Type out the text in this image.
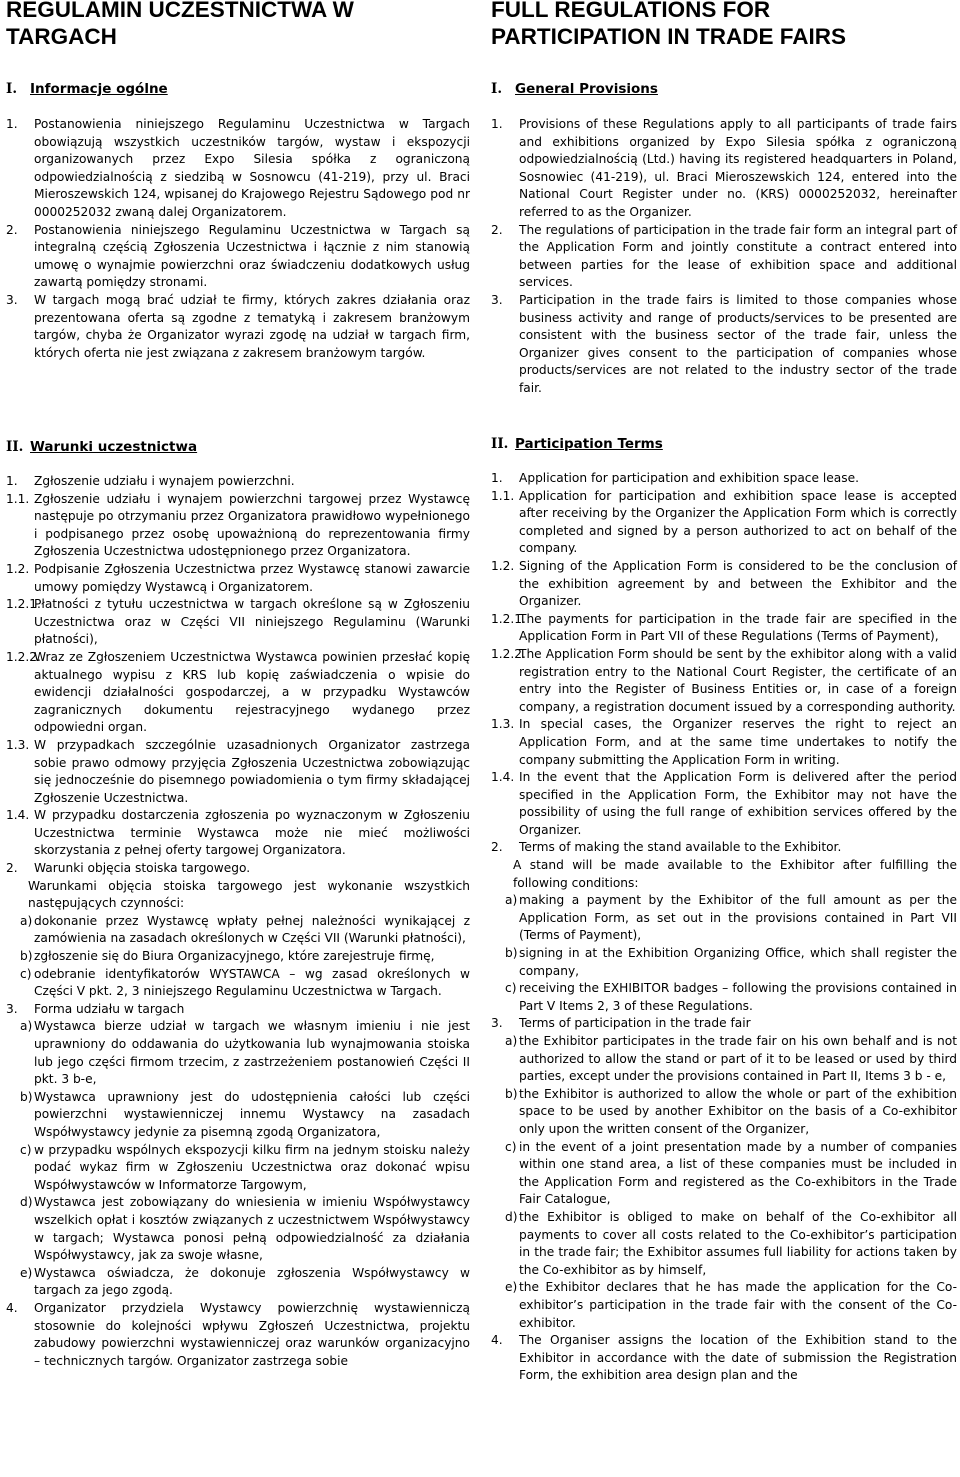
REGULAMIN UCZESTNICTWA W
TARGACH
I. Informacje ogólne

1. Postanowienia niniejszego Regulaminu Uczestnictwa w Targach obowiązują wszystkich uczestników targów, wystaw i ekspozycji organizowanych przez Expo Silesia spółka z ograniczoną odpowiedzialnością z siedzibą w Sosnowcu (41-219), przy ul. Braci Mieroszewskich 124, wpisanej do Krajowego Rejestru Sądowego pod nr 0000252032 zwaną dalej Organizatorem.

2. Postanowienia niniejszego Regulaminu Uczestnictwa w Targach są integralną częścią Zgłoszenia Uczestnictwa i łącznie z nim stanowią umowę o wynajmie powierzchni oraz świadczeniu dodatkowych usług zawartą pomiędzy stronami.

3. W targach mogą brać udział te firmy, których zakres działania oraz prezentowana oferta są zgodne z tematyką i zakresem branżowym targów, chyba że Organizator wyrazi zgodę na udział w targach firm, których oferta nie jest związana z zakresem branżowym targów.

II. Warunki uczestnictwa

1. Zgłoszenie udziału i wynajem powierzchni.

1.1. Zgłoszenie udziału i wynajem powierzchni targowej przez Wystawcę następuje po otrzymaniu przez Organizatora prawidłowo wypełnionego i podpisanego przez osobę upoważnioną do reprezentowania firmy Zgłoszenia Uczestnictwa udostępnionego przez Organizatora.

1.2. Podpisanie Zgłoszenia Uczestnictwa przez Wystawcę stanowi zawarcie umowy pomiędzy Wystawcą i Organizatorem.

1.2.1.
Płatności z tytułu uczestnictwa w targach określone są w Zgłoszeniu Uczestnictwa oraz w Części VII niniejszego Regulaminu (Warunki płatności),

1.2.2.
Wraz ze Zgłoszeniem Uczestnictwa Wystawca powinien przesłać kopię aktualnego wypisu z KRS lub kopię zaświadczenia o wpisie do ewidencji działalności gospodarczej, a w przypadku Wystawców zagranicznych dokumentu rejestracyjnego wydanego przez odpowiedni organ.

1.3. W przypadkach szczególnie uzasadnionych Organizator zastrzega sobie prawo odmowy przyjęcia Zgłoszenia Uczestnictwa zobowiązując się jednocześnie do pisemnego powiadomienia o tym firmy składającej Zgłoszenie Uczestnictwa.

1.4. W przypadku dostarczenia zgłoszenia po wyznaczonym w Zgłoszeniu Uczestnictwa terminie Wystawca może nie mieć możliwości skorzystania z pełnej oferty targowej Organizatora.

2. Warunki objęcia stoiska targowego.

Warunkami objęcia stoiska targowego jest wykonanie wszystkich następujących czynności:

a) dokonanie przez Wystawcę wpłaty pełnej należności wynikającej z zamówienia na zasadach określonych w Części VII (Warunki płatności),

b) zgłoszenie się do Biura Organizacyjnego, które zarejestruje firmę,

c) odebranie identyfikatorów WYSTAWCA – wg zasad określonych w Części V pkt. 2, 3 niniejszego Regulaminu Uczestnictwa w Targach.

3. Forma udziału w targach

a) Wystawca bierze udział w targach we własnym imieniu i nie jest uprawniony do oddawania do użytkowania lub wynajmowania stoiska lub jego części firmom trzecim, z zastrzeżeniem postanowień Części II pkt. 3 b-e,

b) Wystawca uprawniony jest do udostępnienia całości lub części powierzchni wystawienniczej innemu Wystawcy na zasadach Współwystawcy jedynie za pisemną zgodą Organizatora,

c) w przypadku wspólnych ekspozycji kilku firm na jednym stoisku należy podać wykaz firm w Zgłoszeniu Uczestnictwa oraz dokonać wpisu Współwystawców w Informatorze Targowym,

d) Wystawca jest zobowiązany do wniesienia w imieniu Współwystawcy wszelkich opłat i kosztów związanych z uczestnictwem Współwystawcy w targach; Wystawca ponosi pełną odpowiedzialność za działania Współwystawcy, jak za swoje własne,

e) Wystawca oświadcza, że dokonuje zgłoszenia Współwystawcy w targach za jego zgodą.

4. Organizator przydziela Wystawcy powierzchnię wystawienniczą stosownie do kolejności wpływu Zgłoszeń Uczestnictwa, projektu zabudowy powierzchni wystawienniczej oraz warunków organizacyjno – technicznych targów. Organizator zastrzega sobie

FULL REGULATIONS FOR
PARTICIPATION IN TRADE FAIRS
I. General Provisions

1. Provisions of these Regulations apply to all participants of trade fairs and exhibitions organized by Expo Silesia spółka z ograniczoną odpowiedzialnością (Ltd.) having its registered headquarters in Poland, Sosnowiec (41-219), ul. Braci Mieroszewskich 124, entered into the National Court Register under no. (KRS) 0000252032, hereinafter referred to as the Organizer.

2. The regulations of participation in the trade fair form an integral part of the Application Form and jointly constitute a contract entered into between parties for the lease of exhibition space and additional services.

3. Participation in the trade fairs is limited to those companies whose business activity and range of products/services to be presented are consistent with the business sector of the trade fair, unless the Organizer gives consent to the participation of companies whose products/services are not related to the industry sector of the trade fair.

II. Participation Terms

1. Application for participation and exhibition space lease.

1.1. Application for participation and exhibition space lease is accepted after receiving by the Organizer the Application Form which is correctly completed and signed by a person authorized to act on behalf of the company.

1.2. Signing of the Application Form is considered to be the conclusion of the exhibition agreement by and between the Exhibitor and the Organizer.

1.2.1.
The payments for participation in the trade fair are specified in the Application Form in Part VII of these Regulations (Terms of Payment),

1.2.2.
The Application Form should be sent by the exhibitor along with a valid registration entry to the National Court Register, the certificate of an entry into the Register of Business Entities or, in case of a foreign company, a registration document issued by a corresponding authority.

1.3. In special cases, the Organizer reserves the right to reject an Application Form, and at the same time undertakes to notify the company submitting the Application Form in writing.

1.4. In the event that the Application Form is delivered after the period specified in the Application Form, the Exhibitor may not have the possibility of using the full range of exhibition services offered by the Organizer.

2. Terms of making the stand available to the Exhibitor.

A stand will be made available to the Exhibitor after fulfilling the following conditions:

a) making a payment by the Exhibitor of the full amount as per the Application Form, as set out in the provisions contained in Part VII (Terms of Payment),

b) signing in at the Exhibition Organizing Office, which shall register the company,

c) receiving the EXHIBITOR badges – following the provisions contained in Part V Items 2, 3 of these Regulations.

3. Terms of participation in the trade fair

a) the Exhibitor participates in the trade fair on his own behalf and is not authorized to allow the stand or part of it to be leased or used by third parties, except under the provisions contained in Part II, Items 3 b - e,

b) the Exhibitor is authorized to allow the whole or part of the exhibition space to be used by another Exhibitor on the basis of a Co-exhibitor only upon the written consent of the Organizer,

c) in the event of a joint presentation made by a number of companies within one stand area, a list of these companies must be included in the Application Form and registered as the Co-exhibitors in the Trade Fair Catalogue,

d) the Exhibitor is obliged to make on behalf of the Co-exhibitor all payments to cover all costs related to the Co-exhibitor’s participation in the trade fair; the Exhibitor assumes full liability for actions taken by the Co-exhibitor as by himself,

e) the Exhibitor declares that he has made the application for the Co-exhibitor’s participation in the trade fair with the consent of the Co-exhibitor.

4. The Organiser assigns the location of the Exhibition stand to the Exhibitor in accordance with the date of submission the Registration Form, the exhibition area design plan and the
